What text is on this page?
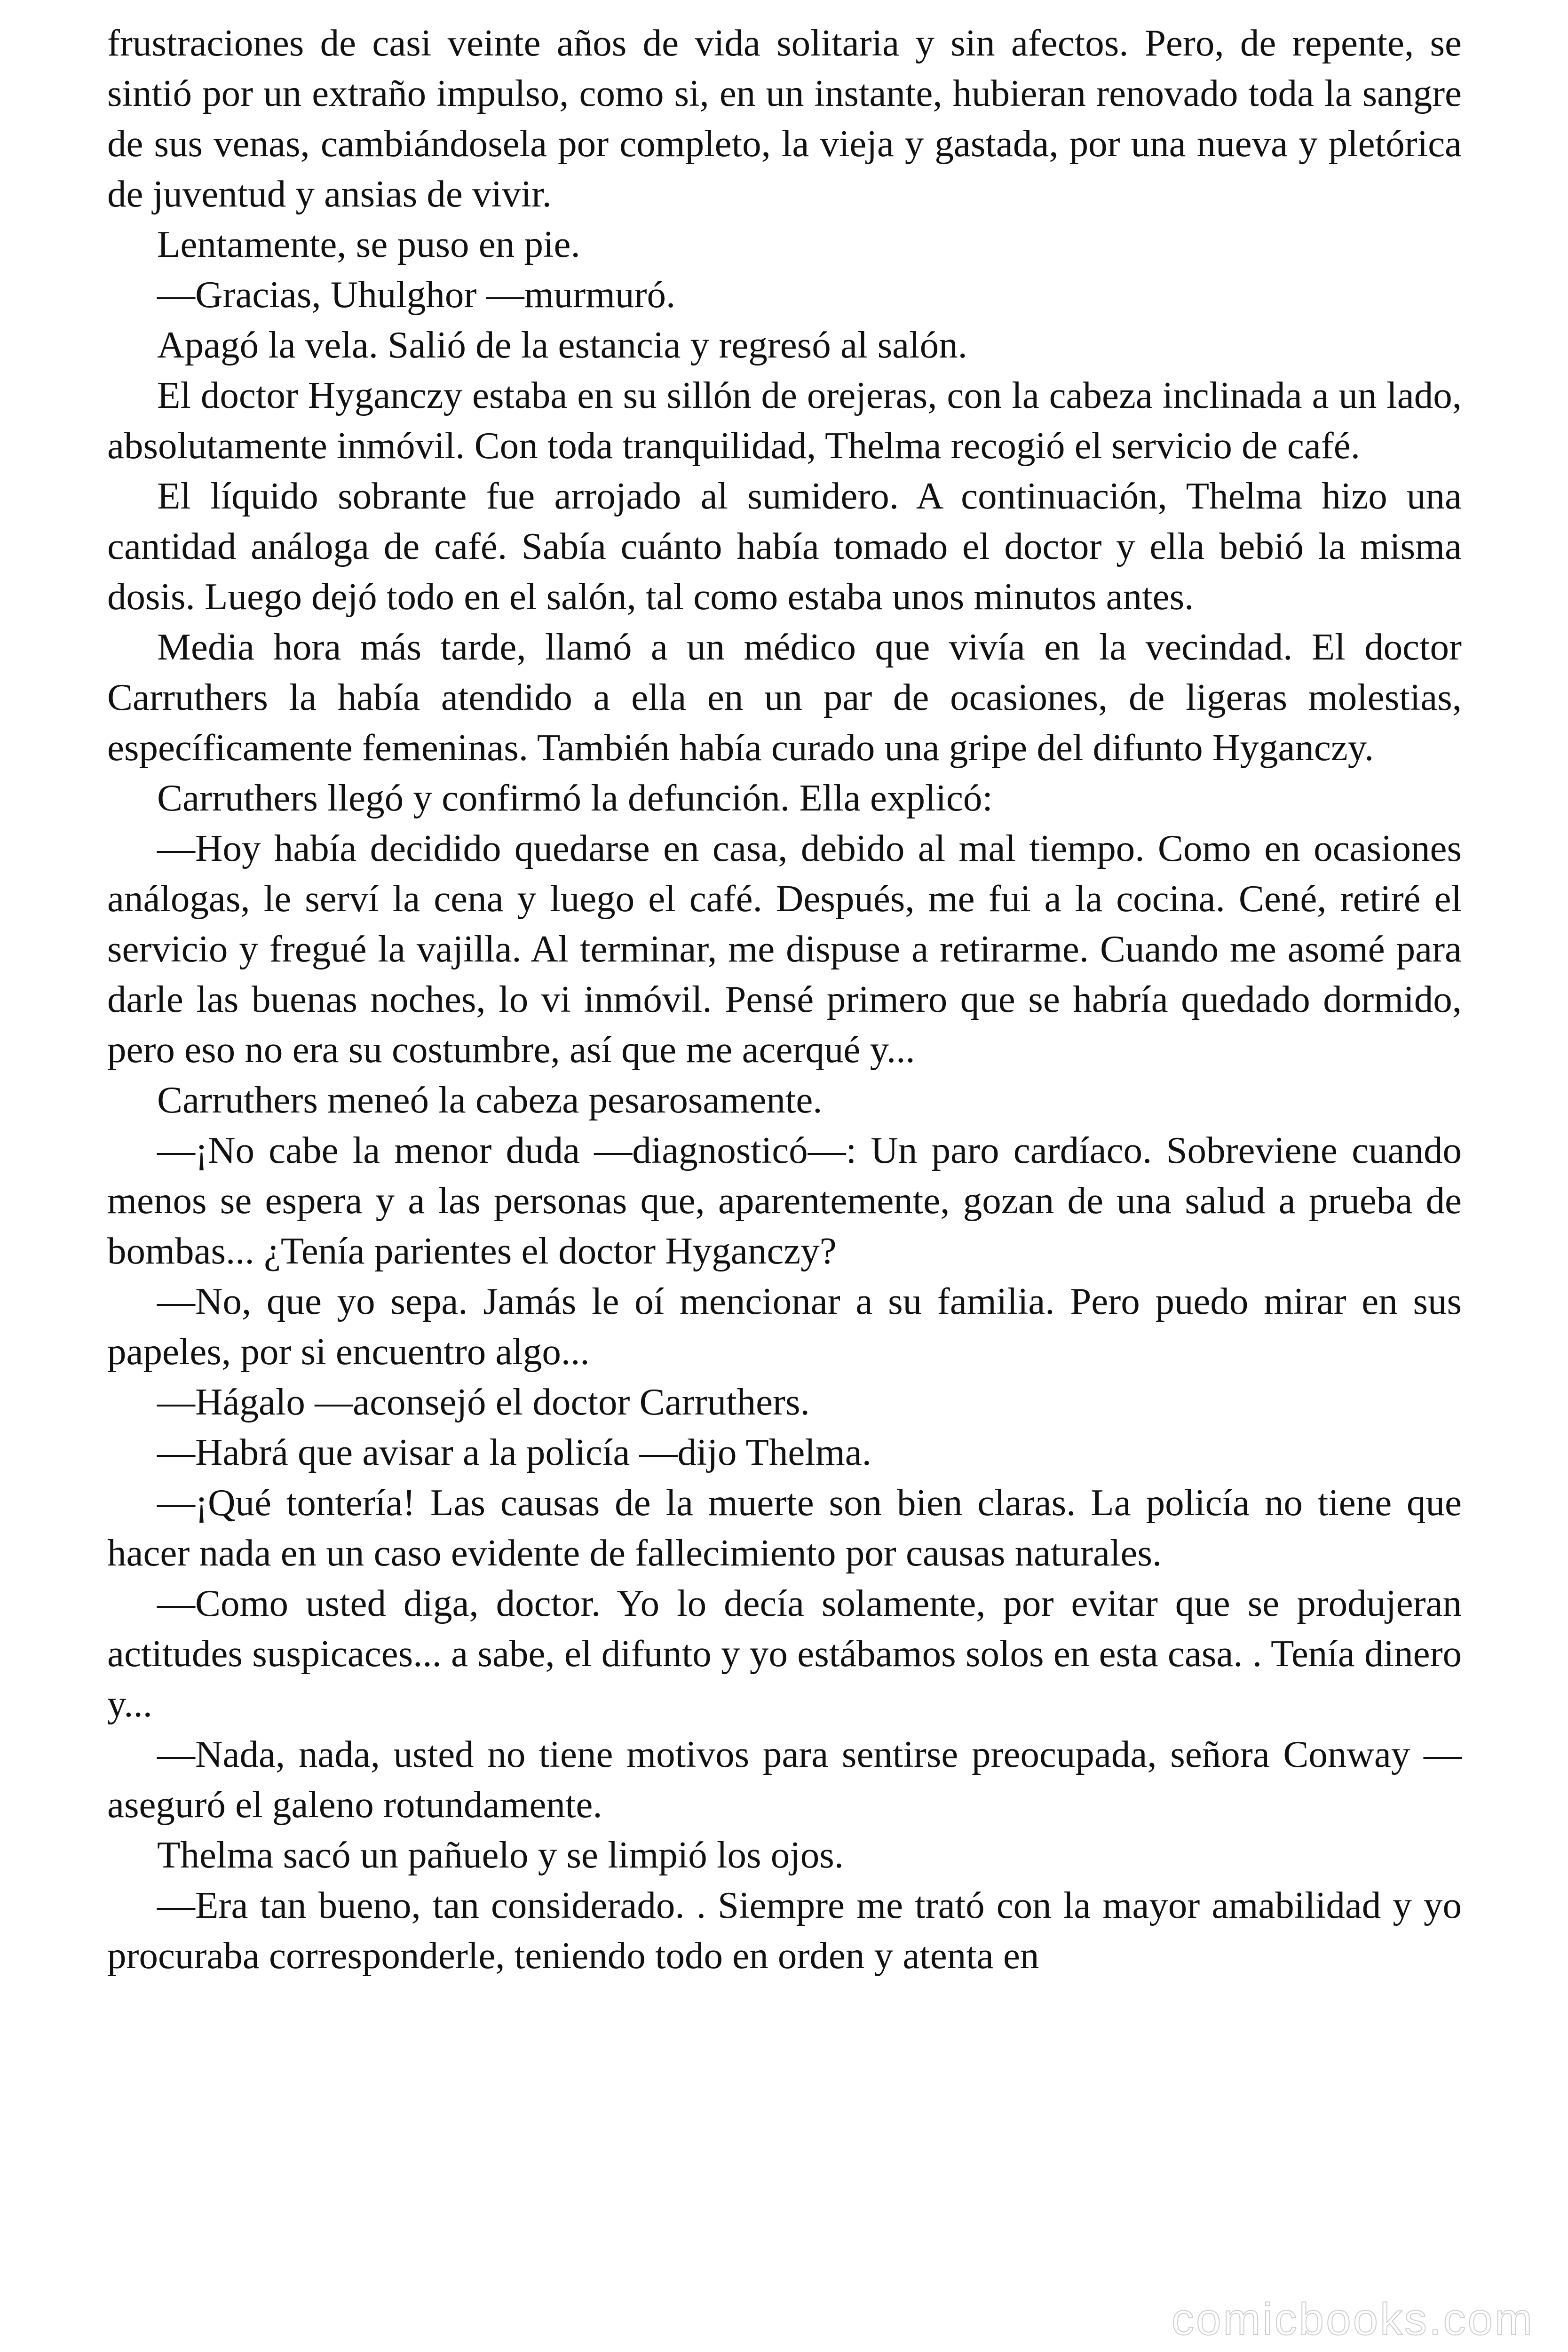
frustraciones de casi veinte años de vida solitaria y sin afectos. Pero, de repente, se sintió por un extraño impulso, como si, en un instante, hubieran renovado toda la sangre de sus venas, cambiándosela por completo, la vieja y gastada, por una nueva y pletórica de juventud y ansias de vivir.

Lentamente, se puso en pie.

—Gracias, Uhulghor —murmuró.

Apagó la vela. Salió de la estancia y regresó al salón.

El doctor Hyganczy estaba en su sillón de orejeras, con la cabeza inclinada a un lado, absolutamente inmóvil. Con toda tranquilidad, Thelma recogió el servicio de café.

El líquido sobrante fue arrojado al sumidero. A continuación, Thelma hizo una cantidad análoga de café. Sabía cuánto había tomado el doctor y ella bebió la misma dosis. Luego dejó todo en el salón, tal como estaba unos minutos antes.

Media hora más tarde, llamó a un médico que vivía en la vecindad. El doctor Carruthers la había atendido a ella en un par de ocasiones, de ligeras molestias, específicamente femeninas. También había curado una gripe del difunto Hyganczy.

Carruthers llegó y confirmó la defunción. Ella explicó:

—Hoy había decidido quedarse en casa, debido al mal tiempo. Como en ocasiones análogas, le serví la cena y luego el café. Después, me fui a la cocina. Cené, retiré el servicio y fregué la vajilla. Al terminar, me dispuse a retirarme. Cuando me asomé para darle las buenas noches, lo vi inmóvil. Pensé primero que se habría quedado dormido, pero eso no era su costumbre, así que me acerqué y...

Carruthers meneó la cabeza pesarosamente.

—¡No cabe la menor duda —diagnosticó—: Un paro cardíaco. Sobreviene cuando menos se espera y a las personas que, aparentemente, gozan de una salud a prueba de bombas... ¿Tenía parientes el doctor Hyganczy?

—No, que yo sepa. Jamás le oí mencionar a su familia. Pero puedo mirar en sus papeles, por si encuentro algo...

—Hágalo —aconsejó el doctor Carruthers.

—Habrá que avisar a la policía —dijo Thelma.

—¡Qué tontería! Las causas de la muerte son bien claras. La policía no tiene que hacer nada en un caso evidente de fallecimiento por causas naturales.

—Como usted diga, doctor. Yo lo decía solamente, por evitar que se produjeran actitudes suspicaces... a sabe, el difunto y yo estábamos solos en esta casa. . Tenía dinero y...

—Nada, nada, usted no tiene motivos para sentirse preocupada, señora Conway — aseguró el galeno rotundamente.

Thelma sacó un pañuelo y se limpió los ojos.

—Era tan bueno, tan considerado. . Siempre me trató con la mayor amabilidad y yo procuraba corresponderle, teniendo todo en orden y atenta en

comicbooks.com
